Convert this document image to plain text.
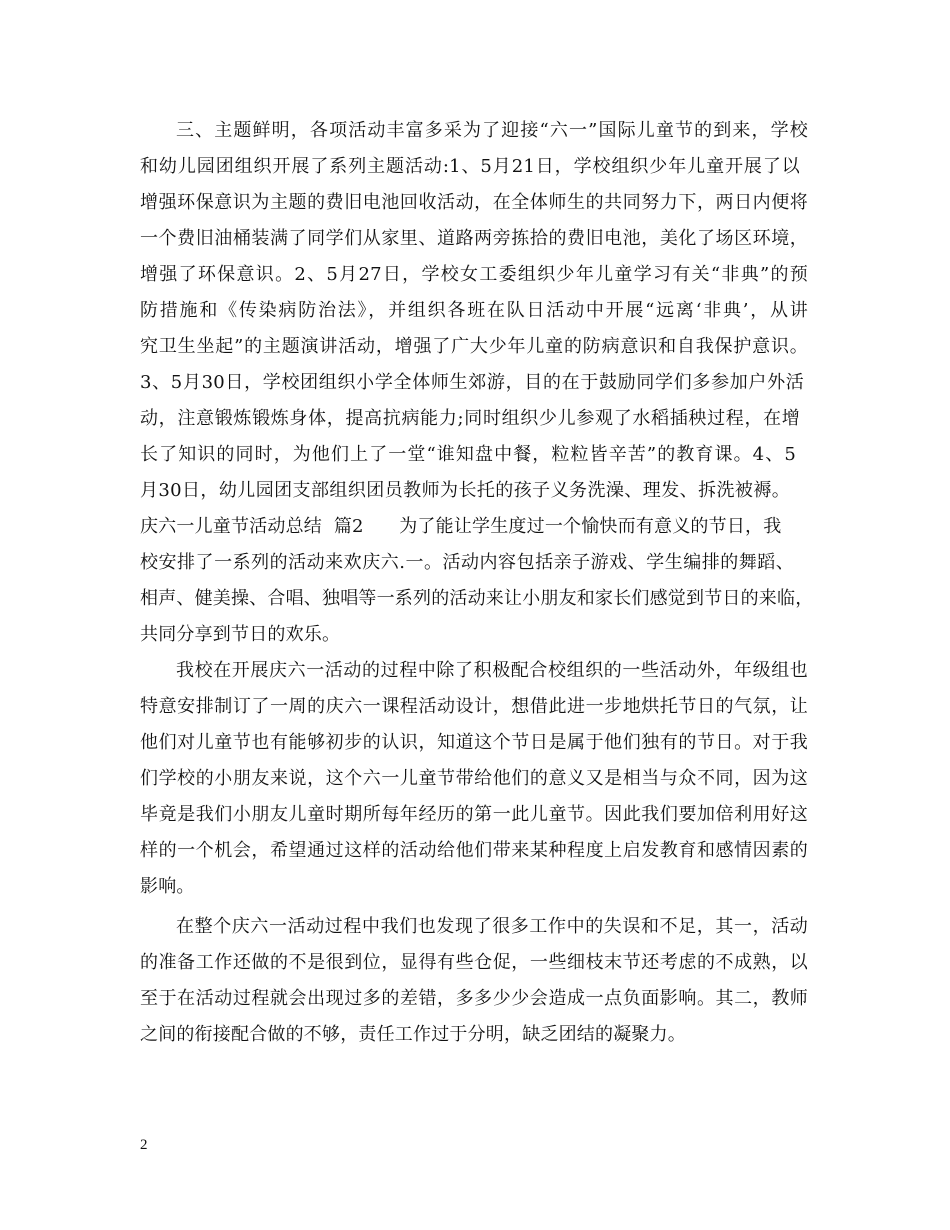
三、主题鲜明，各项活动丰富多采为了迎接“六一”国际儿童节的到来，学校
和幼儿园团组织开展了系列主题活动:1、5月21日，学校组织少年儿童开展了以
增强环保意识为主题的费旧电池回收活动，在全体师生的共同努力下，两日内便将
一个费旧油桶装满了同学们从家里、道路两旁拣拾的费旧电池，美化了场区环境，
增强了环保意识。2、5月27日，学校女工委组织少年儿童学习有关“非典”的预
防措施和《传染病防治法》，并组织各班在队日活动中开展“远离‘非典’，从讲
究卫生坐起”的主题演讲活动，增强了广大少年儿童的防病意识和自我保护意识。
3、5月30日，学校团组织小学全体师生郊游，目的在于鼓励同学们多参加户外活
动，注意锻炼锻炼身体，提高抗病能力;同时组织少儿参观了水稻插秧过程，在增
长了知识的同时，为他们上了一堂“谁知盘中餐，粒粒皆辛苦”的教育课。4、5
月30日，幼儿园团支部组织团员教师为长托的孩子义务洗澡、理发、拆洗被褥。
庆六一儿童节活动总结  篇2      为了能让学生度过一个愉快而有意义的节日，我
校安排了一系列的活动来欢庆六.一。活动内容包括亲子游戏、学生编排的舞蹈、
相声、健美操、合唱、独唱等一系列的活动来让小朋友和家长们感觉到节日的来临，
共同分享到节日的欢乐。
我校在开展庆六一活动的过程中除了积极配合校组织的一些活动外，年级组也
特意安排制订了一周的庆六一课程活动设计，想借此进一步地烘托节日的气氛，让
他们对儿童节也有能够初步的认识，知道这个节日是属于他们独有的节日。对于我
们学校的小朋友来说，这个六一儿童节带给他们的意义又是相当与众不同，因为这
毕竟是我们小朋友儿童时期所每年经历的第一此儿童节。因此我们要加倍利用好这
样的一个机会，希望通过这样的活动给他们带来某种程度上启发教育和感情因素的
影响。
在整个庆六一活动过程中我们也发现了很多工作中的失误和不足，其一，活动
的准备工作还做的不是很到位，显得有些仓促，一些细枝末节还考虑的不成熟，以
至于在活动过程就会出现过多的差错，多多少少会造成一点负面影响。其二，教师
之间的衔接配合做的不够，责任工作过于分明，缺乏团结的凝聚力。
2
